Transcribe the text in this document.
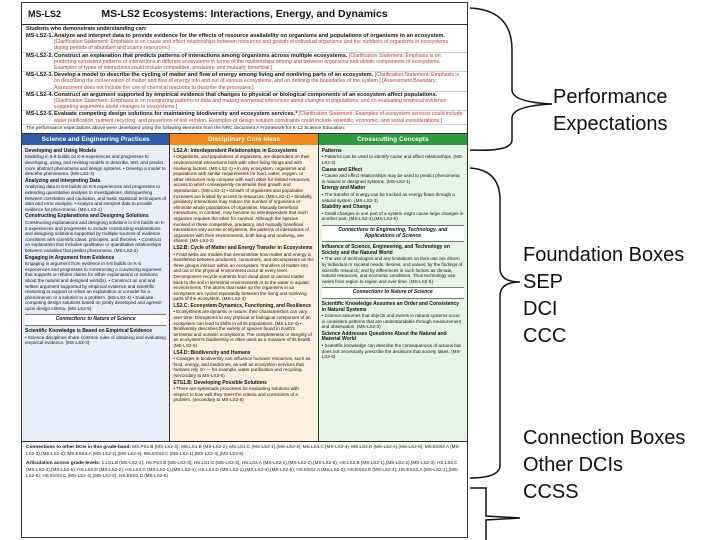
MS-LS2	MS-LS2 Ecosystems: Interactions, Energy, and Dynamics
Students who demonstrate understanding can:
MS-LS2-1. Analyze and interpret data to provide evidence for the effects of resource availability on organisms and populations of organisms in an ecosystem. [Clarification Statement: Emphasis is on cause and effect relationships between resources and growth of individual organisms and the numbers of organisms in ecosystems during periods of abundant and scarce resources.]
MS-LS2-2. Construct an explanation that predicts patterns of interactions among organisms across multiple ecosystems. [Clarification Statement: Emphasis is on predicting consistent patterns of interactions in different ecosystems in terms of the relationships among and between organisms and abiotic components of ecosystems. Examples of types of interactions could include competitive, predatory, and mutually beneficial.]
MS-LS2-3. Develop a model to describe the cycling of matter and flow of energy among living and nonliving parts of an ecosystem. [Clarification Statement: Emphasis is on describing the conservation of matter and flow of energy into and out of various ecosystems, and on defining the boundaries of the system.] [Assessment Boundary: Assessment does not include the use of chemical reactions to describe the processes.]
MS-LS2-4. Construct an argument supported by empirical evidence that changes to physical or biological components of an ecosystem affect populations. [Clarification Statement: Emphasis is on recognizing patterns in data and making warranted inferences about changes in populations, and on evaluating empirical evidence supporting arguments about changes to ecosystems.]
MS-LS2-5. Evaluate competing design solutions for maintaining biodiversity and ecosystem services.* [Clarification Statement: Examples of ecosystem services could include water purification, nutrient recycling, and prevention of soil erosion. Examples of design solution constraints could include scientific, economic, and social considerations.]
The performance expectations above were developed using the following elements from the NRC document A Framework for K-12 Science Education:
Science and Engineering Practices
Developing and Using Models
Modeling in 6-8 builds on K-5 experiences and progresses to developing, using, and revising models to describe, test, and predict more abstract phenomena and design systems. • Develop a model to describe phenomena. (MS-LS2-3)
Analyzing and Interpreting Data
Analyzing data in 6-8 builds on K-5 experiences and progresses to extending quantitative analysis to investigations, distinguishing between correlation and causation, and basic statistical techniques of data and error analysis. • Analyze and interpret data to provide evidence for phenomena. (MS-LS2-1)
Constructing Explanations and Designing Solutions
Constructing explanations and designing solutions in 6-8 builds on K-5 experiences and progresses to include constructing explanations and designing solutions supported by multiple sources of evidence consistent with scientific ideas, principles, and theories. • Construct an explanation that includes qualitative or quantitative relationships between variables that predict phenomena. (MS-LS2-2)
Engaging in Argument from Evidence
Engaging in argument from evidence in 6-8 builds on K-5 experiences and progresses to constructing a convincing argument that supports or refutes claims for either explanations or solutions about the natural and designed world(s). • Construct an oral and written argument supported by empirical evidence and scientific reasoning to support or refute an explanation or a model for a phenomenon or a solution to a problem. (MS-LS2-4) • Evaluate competing design solutions based on jointly developed and agreed-upon design criteria. (MS-LS2-5)
Connections to Nature of Science
Scientific Knowledge is Based on Empirical Evidence
• Science disciplines share common rules of obtaining and evaluating empirical evidence. (MS-LS2-4)
Disciplinary Core Ideas
LS2.A: Interdependent Relationships in Ecosystems
• Organisms, and populations of organisms, are dependent on their environmental interactions both with other living things and with nonliving factors. (MS-LS2-1) • In any ecosystem, organisms and populations with similar requirements for food, water, oxygen, or other resources may compete with each other for limited resources, access to which consequently constrains their growth and reproduction. (MS-LS2-1) • Growth of organisms and population increases are limited by access to resources. (MS-LS2-1) • Similarly, predatory interactions may reduce the number of organisms or eliminate whole populations of organisms. Mutually beneficial interactions, in contrast, may become so interdependent that each organism requires the other for survival. Although the species involved in these competitive, predatory, and mutually beneficial interactions vary across ecosystems, the patterns of interactions of organisms with their environments, both living and nonliving, are shared. (MS-LS2-2)
LS2.B: Cycle of Matter and Energy Transfer in Ecosystems
• Food webs are models that demonstrate how matter and energy is transferred between producers, consumers, and decomposers as the three groups interact within an ecosystem. Transfers of matter into and out of the physical environment occur at every level. Decomposers recycle nutrients from dead plant or animal matter back to the soil in terrestrial environments or to the water in aquatic environments. The atoms that make up the organisms in an ecosystem are cycled repeatedly between the living and nonliving parts of the ecosystem. (MS-LS2-3)
LS2.C: Ecosystem Dynamics, Functioning, and Resilience
• Ecosystems are dynamic in nature; their characteristics can vary over time. Disruptions to any physical or biological component of an ecosystem can lead to shifts in all its populations. (MS-LS2-4) • Biodiversity describes the variety of species found in Earth's terrestrial and oceanic ecosystems. The completeness or integrity of an ecosystem's biodiversity is often used as a measure of its health. (MS-LS2-5)
LS4.D: Biodiversity and Humans
• Changes in biodiversity can influence humans' resources, such as food, energy, and medicines, as well as ecosystem services that humans rely on — for example, water purification and recycling. (secondary to MS-LS2-5)
ETS1.B: Developing Possible Solutions
• There are systematic processes for evaluating solutions with respect to how well they meet the criteria and constraints of a problem. (secondary to MS-LS2-5)
Crosscutting Concepts
Patterns
• Patterns can be used to identify cause and effect relationships. (MS-LS2-2)
Cause and Effect
• Cause and effect relationships may be used to predict phenomena in natural or designed systems. (MS-LS2-1)
Energy and Matter
• The transfer of energy can be tracked as energy flows through a natural system. (MS-LS2-3)
Stability and Change
• Small changes in one part of a system might cause large changes in another part. (MS-LS2-4),(MS-LS2-5)
Connections to Engineering, Technology, and Applications of Science
Influence of Science, Engineering, and Technology on Society and the Natural World
• The use of technologies and any limitations on their use are driven by individual or societal needs, desires, and values; by the findings of scientific research; and by differences in such factors as climate, natural resources, and economic conditions. Thus technology use varies from region to region and over time. (MS-LS2-5)
Connections to Nature of Science
Scientific Knowledge Assumes an Order and Consistency in Natural Systems
• Science assumes that objects and events in natural systems occur in consistent patterns that are understandable through measurement and observation. (MS-LS2-3)
Science Addresses Questions About the Natural and Material World
• Scientific knowledge can describe the consequences of actions but does not necessarily prescribe the decisions that society takes. (MS-LS2-5)
Connections to other DCIs in this grade-band: MS.PS1.B (MS-LS2-3); MS.LS1.B (MS-LS2-2); MS.LS1.C (MS-LS2-1),(MS-LS2-3); MS.LS4.C (MS-LS2-4); MS.LS4.D (MS-LS2-4),(MS-LS2-5); MS.ESS2.A (MS-LS2-3),(MS-LS2-4); MS.ESS3.A (MS-LS2-1),(MS-LS2-4); MS.ESS3.C (MS-LS2-1),(MS-LS2-4),(MS-LS2-5)
Articulation across grade-levels: 1.LS1.B (MS-LS2-2); HS.PS3.B (MS-LS2-3); HS.LS1.C (MS-LS2-3); HS.LS2.A (MS-LS2-1),(MS-LS2-2),(MS-LS2-5); HS.LS2.B (MS-LS2-1),(MS-LS2-2),(MS-LS2-3); HS.LS2.C (MS-LS2-4),(MS-LS2-5); HS.LS2.D (MS-LS2-2); HS.LS4.C (MS-LS2-1),(MS-LS2-4); HS.LS4.D (MS-LS2-1),(MS-LS2-4),(MS-LS2-5); HS.ESS2.A (MS-LS2-3); HS.ESS2.E (MS-LS2-4); HS.ESS3.A (MS-LS2-1),(MS-LS2-5); HS.ESS3.C (MS-LS2-4),(MS-LS2-5); HS.ESS3.D (MS-LS2-5)
Performance
Expectations
Foundation Boxes
SEP
DCI
CCC
Connection Boxes
Other DCIs
CCSS
